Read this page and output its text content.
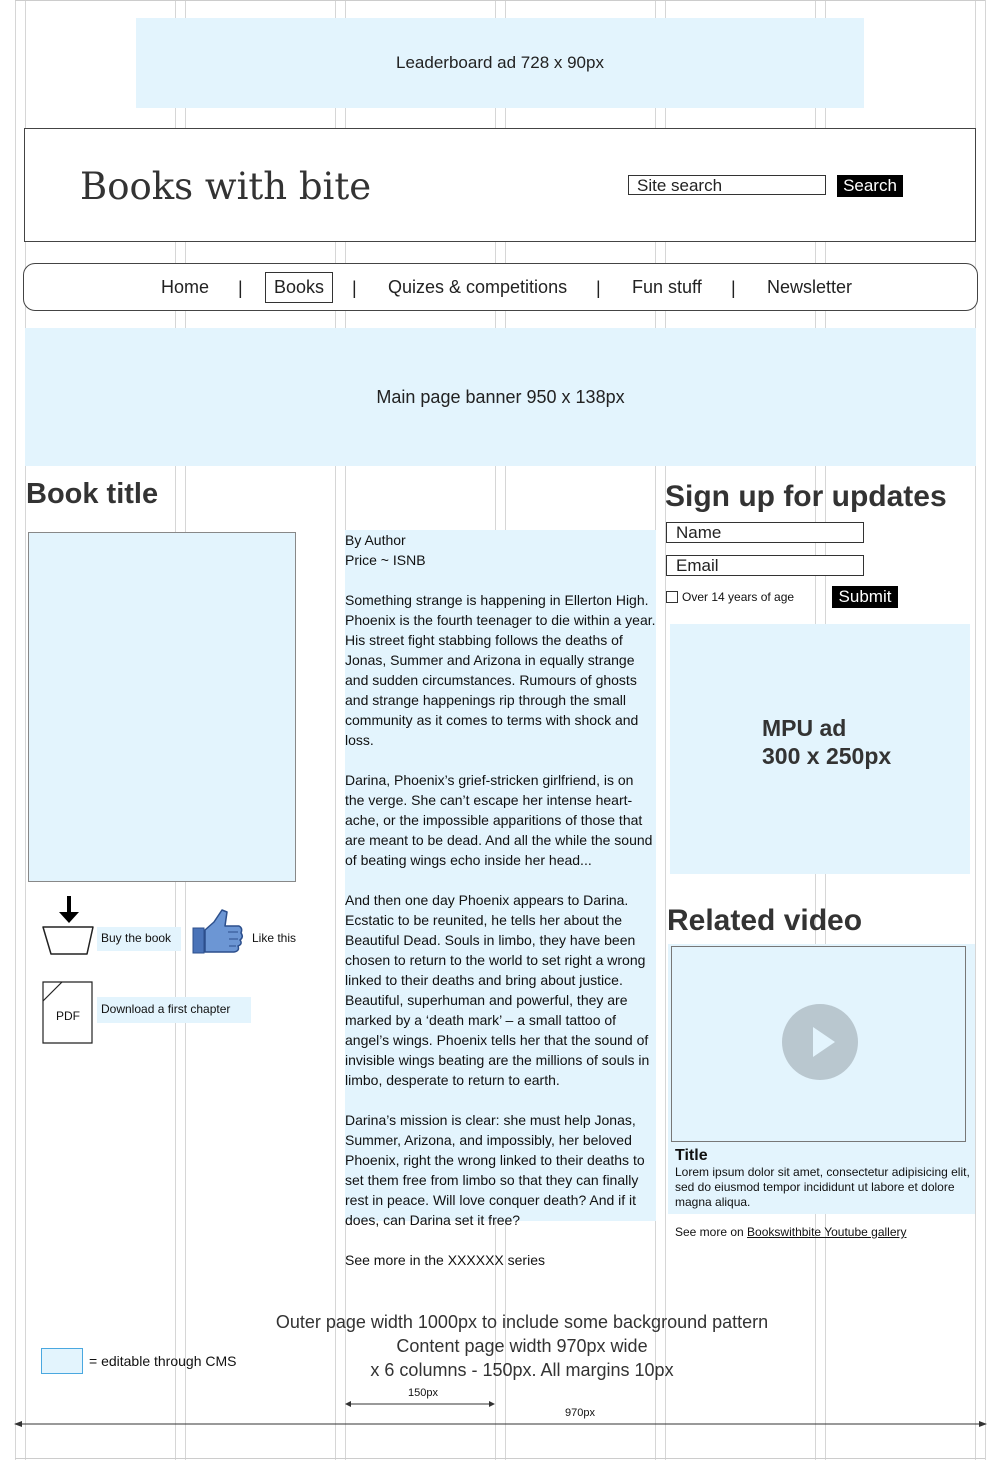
Leaderboard ad 728 x 90px
Books with bite	Site search	Search
Home | Books | Quizes & competitions | Fun stuff | Newsletter
Main page banner 950 x 138px
Book title
Buy the book	Like this
PDF	Download a first chapter
By Author
Price ~ ISNB

Something strange is happening in Ellerton High. Phoenix is the fourth teenager to die within a year. His street fight stabbing follows the deaths of Jonas, Summer and Arizona in equally strange and sudden circumstances. Rumours of ghosts and strange happenings rip through the small community as it comes to terms with shock and loss.

Darina, Phoenix’s grief-stricken girlfriend, is on the verge. She can’t escape her intense heart-ache, or the impossible apparitions of those that are meant to be dead. And all the while the sound of beating wings echo inside her head...

And then one day Phoenix appears to Darina. Ecstatic to be reunited, he tells her about the Beautiful Dead. Souls in limbo, they have been chosen to return to the world to set right a wrong linked to their deaths and bring about justice. Beautiful, superhuman and powerful, they are marked by a ‘death mark’ – a small tattoo of angel’s wings. Phoenix tells her that the sound of invisible wings beating are the millions of souls in limbo, desperate to return to earth.

Darina’s mission is clear: she must help Jonas, Summer, Arizona, and impossibly, her beloved Phoenix, right the wrong linked to their deaths to set them free from limbo so that they can finally rest in peace. Will love conquer death? And if it does, can Darina set it free?

See more in the XXXXXX series
Sign up for updates
Name
Email
Over 14 years of age	Submit
MPU ad
300 x 250px
Related video
Title
Lorem ipsum dolor sit amet, consectetur adipisicing elit, sed do eiusmod tempor incididunt ut labore et dolore magna aliqua.
See more on Bookswithbite Youtube gallery
Outer page width 1000px to include some background pattern
Content page width 970px wide
x 6 columns - 150px. All margins 10px
= editable through CMS
150px
970px
